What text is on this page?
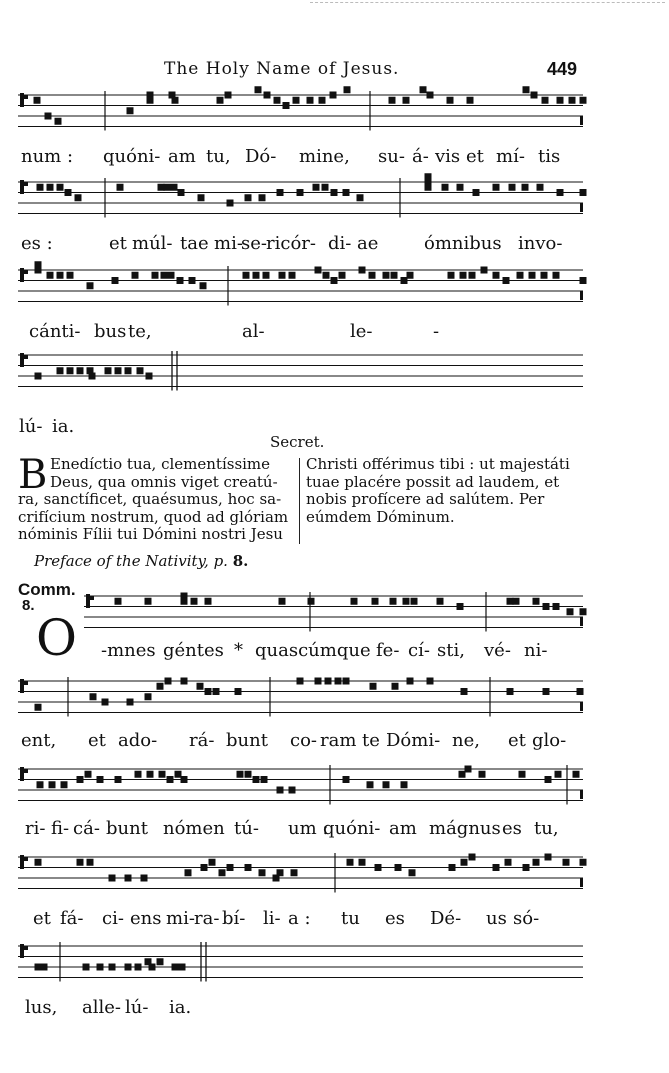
The Holy Name of Jesus.	449
num : quóni- am tu, Dó- mine, su- á- vis et mí- tis
es :	et múl- tae mi-
se- ricór- di- ae	ómnibus invo-
cánti- bus te,	al-	le-	-
lú- ia.
Secret.
B Enedíctio tua, clementíssime

Deus, qua omnis viget creatú-

ra, sanctíficet, quaésumus, hoc sa-

crifícium nostrum, quod ad glóriam

nóminis Fílii tui Dómini nostri Jesu

Christi offérimus tibi : ut majestáti

tuae placére possit ad laudem, et

nobis profícere ad salútem. Per

eúmdem Dóminum.

Preface of the Nativity, p. 8.
Comm.
8.
O -mnes géntes * quascúmque fe- cí- sti, vé- ni-
ent, et ado- rá- bunt co- ram te Dómi- ne, et glo-
ri- fi- cá- bunt nómen tú- um :
quóni- am mágnus es tu,
et fá- ci- ens mi- ra- bí- li- a : tu es Dé- us só-
lus, alle- lú- ia.
